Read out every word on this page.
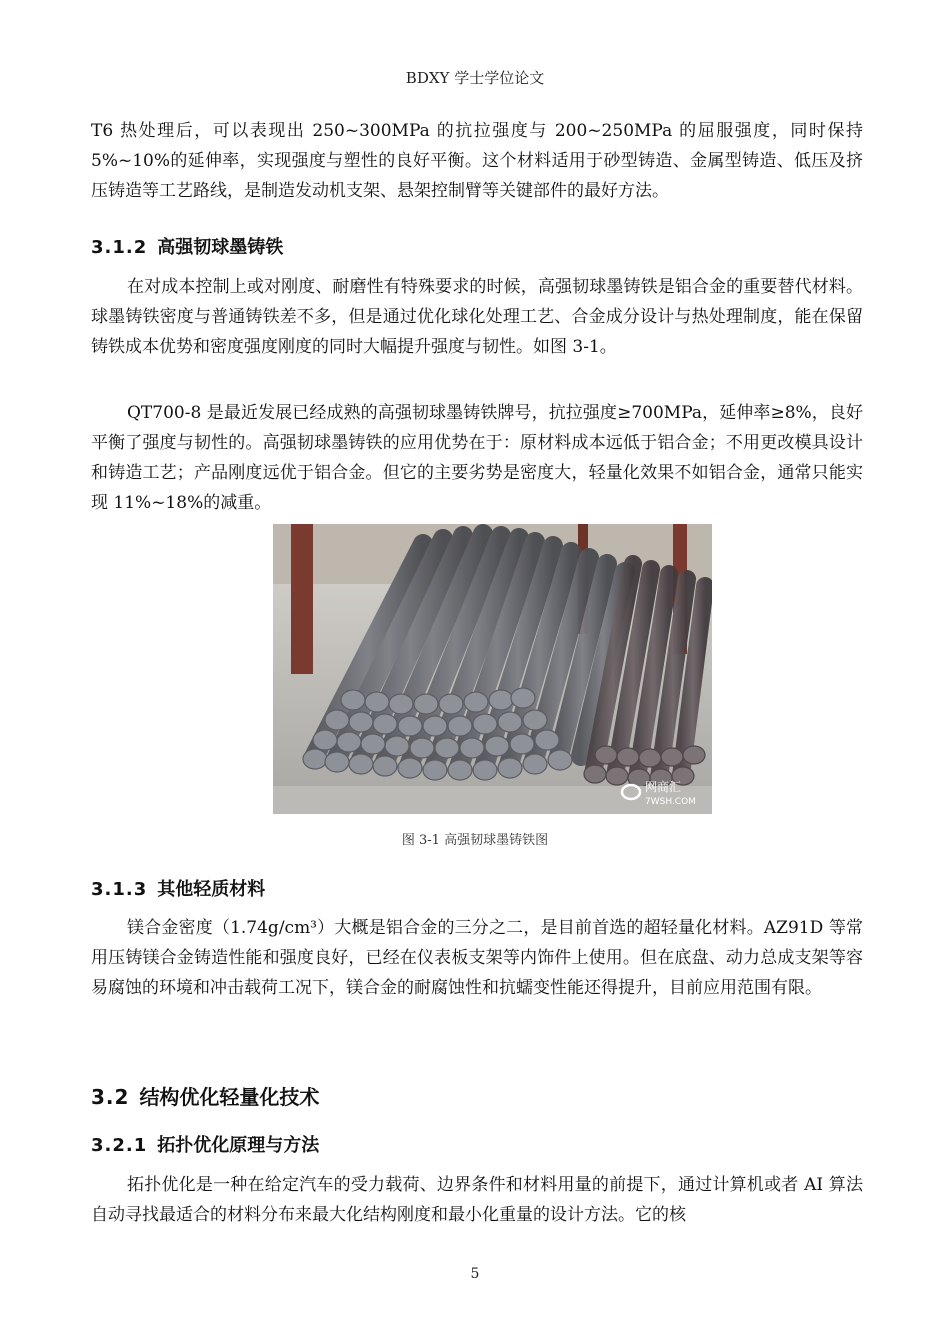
BDXY 学士学位论文

T6 热处理后，可以表现出 250~300MPa 的抗拉强度与 200~250MPa 的屈服强度，同时保持 5%~10%的延伸率，实现强度与塑性的良好平衡。这个材料适用于砂型铸造、金属型铸造、低压及挤压铸造等工艺路线，是制造发动机支架、悬架控制臂等关键部件的最好方法。

3.1.2 高强韧球墨铸铁

在对成本控制上或对刚度、耐磨性有特殊要求的时候，高强韧球墨铸铁是铝合金的重要替代材料。球墨铸铁密度与普通铸铁差不多，但是通过优化球化处理工艺、合金成分设计与热处理制度，能在保留铸铁成本优势和密度强度刚度的同时大幅提升强度与韧性。如图 3-1。

QT700-8 是最近发展已经成熟的高强韧球墨铸铁牌号，抗拉强度≥700MPa，延伸率≥8%，良好平衡了强度与韧性的。高强韧球墨铸铁的应用优势在于：原材料成本远低于铝合金；不用更改模具设计和铸造工艺；产品刚度远优于铝合金。但它的主要劣势是密度大，轻量化效果不如铝合金，通常只能实现 11%~18%的减重。

网商汇
7WSH.COM
图 3-1 高强韧球墨铸铁图
3.1.3 其他轻质材料

镁合金密度（1.74g/cm³）大概是铝合金的三分之二，是目前首选的超轻量化材料。AZ91D 等常用压铸镁合金铸造性能和强度良好，已经在仪表板支架等内饰件上使用。但在底盘、动力总成支架等容易腐蚀的环境和冲击载荷工况下，镁合金的耐腐蚀性和抗蠕变性能还得提升，目前应用范围有限。

3.2 结构优化轻量化技术
3.2.1 拓扑优化原理与方法

拓扑优化是一种在给定汽车的受力载荷、边界条件和材料用量的前提下，通过计算机或者 AI 算法自动寻找最适合的材料分布来最大化结构刚度和最小化重量的设计方法。它的核

5
